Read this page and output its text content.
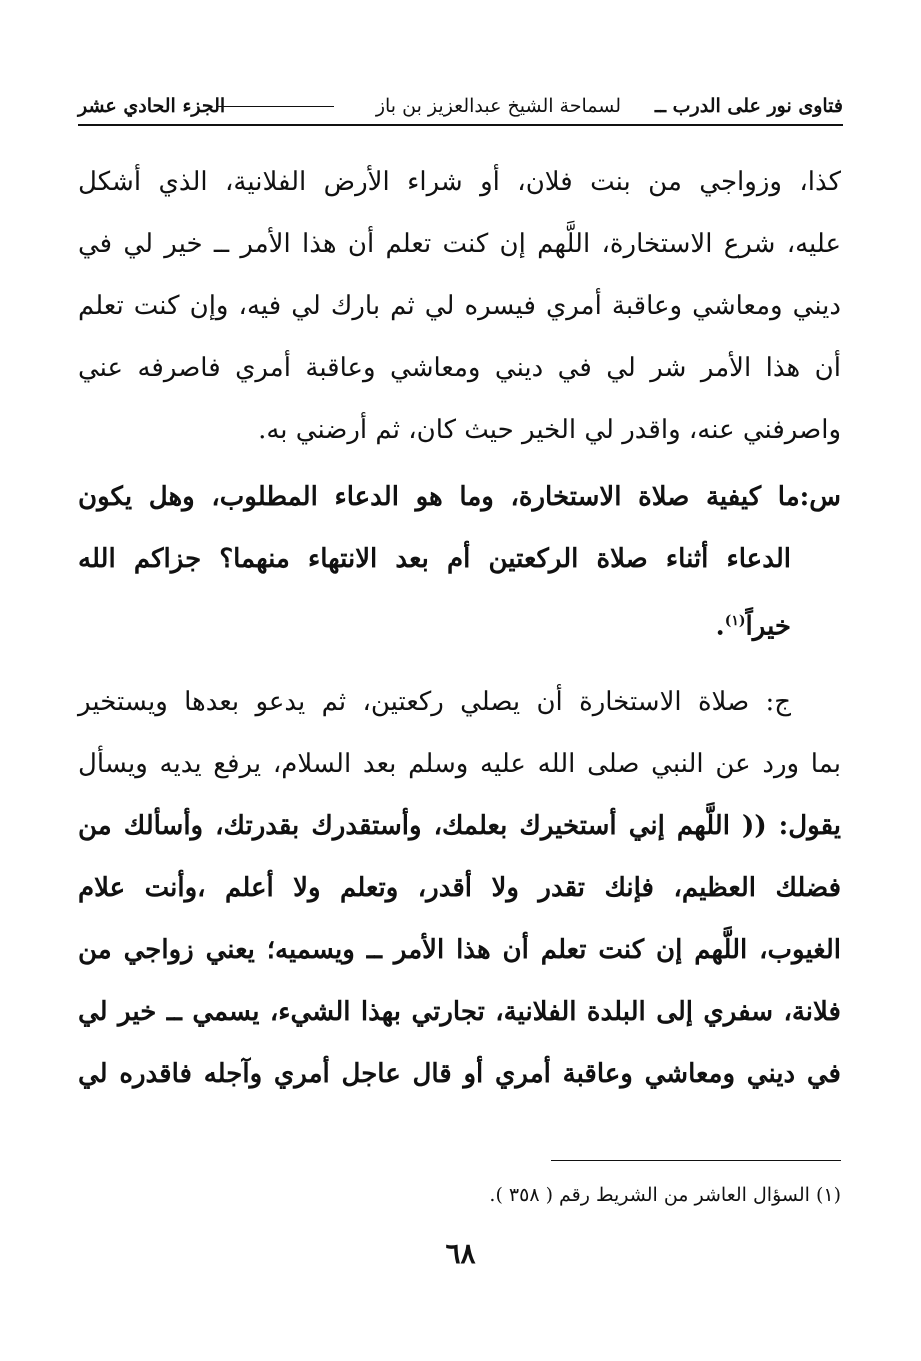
فتاوى نور على الدرب ــ
لسماحة الشيخ عبدالعزيز بن باز
الجزء الحادي عشر
كذا، وزواجي من بنت فلان، أو شراء الأرض الفلانية، الذي أشكل
عليه، شرع الاستخارة، اللَّهم إن كنت تعلم أن هذا الأمر ــ خير لي في
ديني ومعاشي وعاقبة أمري فيسره لي ثم بارك لي فيه، وإن كنت تعلم
أن هذا الأمر شر لي في ديني ومعاشي وعاقبة أمري فاصرفه عني
واصرفني عنه، واقدر لي الخير حيث كان، ثم أرضني به.
س:ما كيفية صلاة الاستخارة، وما هو الدعاء المطلوب، وهل يكون
الدعاء أثناء صلاة الركعتين أم بعد الانتهاء منهما؟ جزاكم الله
خيراً$^{(١)}$.
ج: صلاة الاستخارة أن يصلي ركعتين، ثم يدعو بعدها ويستخير
بما ورد عن النبي صلى الله عليه وسلم بعد السلام، يرفع يديه ويسأل
يقول: (( اللَّهم إني أستخيرك بعلمك، وأستقدرك بقدرتك، وأسألك من
فضلك العظيم، فإنك تقدر ولا أقدر، وتعلم ولا أعلم ،وأنت علام
الغيوب، اللَّهم إن كنت تعلم أن هذا الأمر ــ ويسميه؛ يعني زواجي من
فلانة، سفري إلى البلدة الفلانية، تجارتي بهذا الشيء، يسمي ــ خير لي
في ديني ومعاشي وعاقبة أمري أو قال عاجل أمري وآجله فاقدره لي
(١) السؤال العاشر من الشريط رقم ( ٣٥٨ ).
٦٨
